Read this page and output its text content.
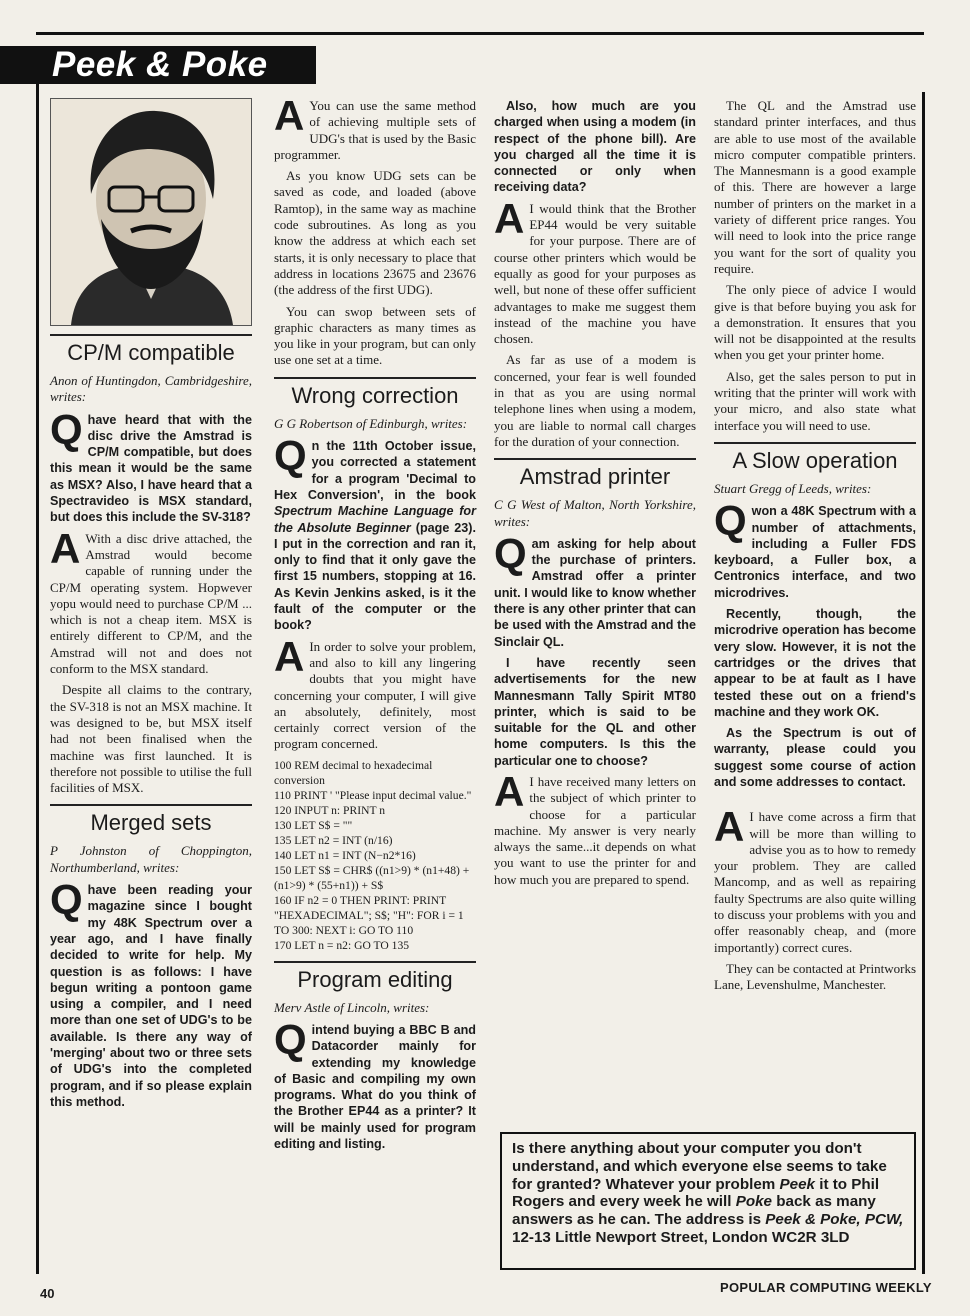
Peek & Poke
CP/M compatible

Anon of Huntingdon, Cambridgeshire, writes:

Qhave heard that with the disc drive the Amstrad is CP/M compatible, but does this mean it would be the same as MSX? Also, I have heard that a Spectravideo is MSX standard, but does this include the SV-318?

A With a disc drive attached, the Amstrad would become capable of running under the CP/M operating system. Hopwever yopu would need to purchase CP/M ... which is not a cheap item. MSX is entirely different to CP/M, and the Amstrad will not and does not conform to the MSX standard.

Despite all claims to the contrary, the SV-318 is not an MSX machine. It was designed to be, but MSX itself had not been finalised when the machine was first launched. It is therefore not possible to utilise the full facilities of MSX.

Merged sets

P Johnston of Choppington, Northumberland, writes:

Qhave been reading your magazine since I bought my 48K Spectrum over a year ago, and I have finally decided to write for help. My question is as follows: I have begun writing a pontoon game using a compiler, and I need more than one set of UDG's to be available. Is there any way of 'merging' about two or three sets of UDG's into the completed program, and if so please explain this method.

A You can use the same method of achieving multiple sets of UDG's that is used by the Basic programmer.

As you know UDG sets can be saved as code, and loaded (above Ramtop), in the same way as machine code subroutines. As long as you know the address at which each set starts, it is only necessary to place that address in locations 23675 and 23676 (the address of the first UDG).

You can swop between sets of graphic characters as many times as you like in your program, but can only use one set at a time.

Wrong correction

G G Robertson of Edinburgh, writes:

Qn the 11th October issue, you corrected a statement for a program 'Decimal to Hex Conversion', in the book Spectrum Machine Language for the Absolute Beginner (page 23). I put in the correction and ran it, only to find that it only gave the first 15 numbers, stopping at 16. As Kevin Jenkins asked, is it the fault of the computer or the book?

A In order to solve your problem, and also to kill any lingering doubts that you might have concerning your computer, I will give an absolutely, definitely, most certainly correct version of the program concerned.

100 REM decimal to hexadecimal conversion

110 PRINT ' "Please input decimal value."

120 INPUT n: PRINT n

130 LET S$ = ""

135 LET n2 = INT (n/16)

140 LET n1 = INT (N−n2*16)

150 LET S$ = CHR$ ((n1>9) * (n1+48) + (n1>9) * (55+n1)) + S$

160 IF n2 = 0 THEN PRINT: PRINT "HEXADECIMAL"; S$; "H": FOR i = 1 TO 300: NEXT i: GO TO 110

170 LET n = n2: GO TO 135

Program editing

Merv Astle of Lincoln, writes:

Qintend buying a BBC B and Datacorder mainly for extending my knowledge of Basic and compiling my own programs. What do you think of the Brother EP44 as a printer? It will be mainly used for program editing and listing.

Also, how much are you charged when using a modem (in respect of the phone bill). Are you charged all the time it is connected or only when receiving data?

A I would think that the Brother EP44 would be very suitable for your purpose. There are of course other printers which would be equally as good for your purposes as well, but none of these offer sufficient advantages to make me suggest them instead of the machine you have chosen.

As far as use of a modem is concerned, your fear is well founded in that as you are using normal telephone lines when using a modem, you are liable to normal call charges for the duration of your connection.

Amstrad printer

C G West of Malton, North Yorkshire, writes:

Qam asking for help about the purchase of printers. Amstrad offer a printer unit. I would like to know whether there is any other printer that can be used with the Amstrad and the Sinclair QL.

I have recently seen advertisements for the new Mannesmann Tally Spirit MT80 printer, which is said to be suitable for the QL and other home computers. Is this the particular one to choose?

A I have received many letters on the subject of which printer to choose for a particular machine. My answer is very nearly always the same...it depends on what you want to use the printer for and how much you are prepared to spend.

The QL and the Amstrad use standard printer interfaces, and thus are able to use most of the available micro computer compatible printers. The Mannesmann is a good example of this. There are however a large number of printers on the market in a variety of different price ranges. You will need to look into the price range you want for the sort of quality you require.

The only piece of advice I would give is that before buying you ask for a demonstration. It ensures that you will not be disappointed at the results when you get your printer home.

Also, get the sales person to put in writing that the printer will work with your micro, and also state what interface you will need to use.

A Slow operation

Stuart Gregg of Leeds, writes:

Qwon a 48K Spectrum with a number of attachments, including a Fuller FDS keyboard, a Fuller box, a Centronics interface, and two microdrives.

Recently, though, the microdrive operation has become very slow. However, it is not the cartridges or the drives that appear to be at fault as I have tested these out on a friend's machine and they work OK.

As the Spectrum is out of warranty, please could you suggest some course of action and some addresses to contact.

A I have come across a firm that will be more than willing to advise you as to how to remedy your problem. They are called Mancomp, and as well as repairing faulty Spectrums are also quite willing to discuss your problems with you and offer reasonably cheap, and (more importantly) correct cures.

They can be contacted at Printworks Lane, Levenshulme, Manchester.

Is there anything about your computer you don't understand, and which everyone else seems to take for granted? Whatever your problem Peek it to Phil Rogers and every week he will Poke back as many answers as he can. The address is Peek & Poke, PCW, 12-13 Little Newport Street, London WC2R 3LD
40	POPULAR COMPUTING WEEKLY
